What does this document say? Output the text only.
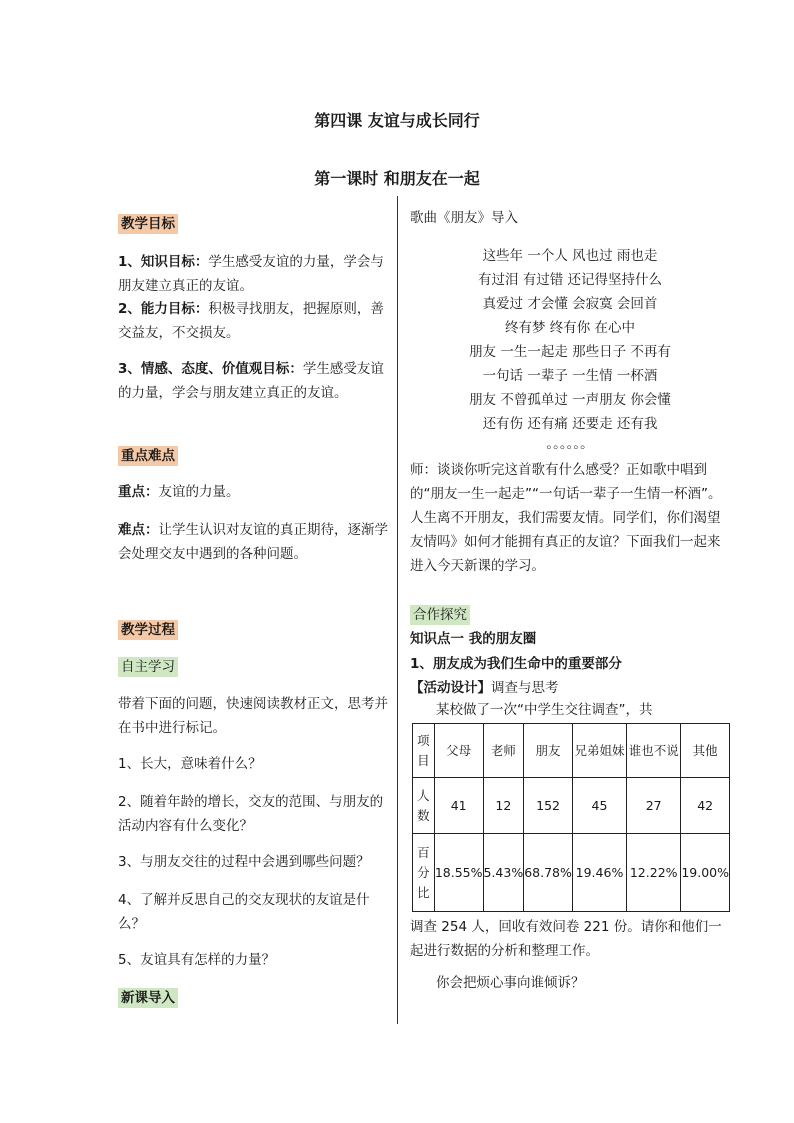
第四课 友谊与成长同行
第一课时 和朋友在一起
教学目标

1、知识目标：学生感受友谊的力量，学会与朋友建立真正的友谊。

2、能力目标：积极寻找朋友，把握原则，善交益友，不交损友。

3、情感、态度、价值观目标：学生感受友谊的力量，学会与朋友建立真正的友谊。

重点难点

重点：友谊的力量。

难点：让学生认识对友谊的真正期待，逐渐学会处理交友中遇到的各种问题。

教学过程
自主学习
带着下面的问题，快速阅读教材正文，思考并在书中进行标记。
1、长大，意味着什么？
2、随着年龄的增长，交友的范围、与朋友的活动内容有什么变化？
3、与朋友交往的过程中会遇到哪些问题？
4、了解并反思自己的交友现状的友谊是什么？
5、友谊具有怎样的力量？
新课导入
歌曲《朋友》导入

这些年 一个人 风也过 雨也走

有过泪 有过错 还记得坚持什么

真爱过 才会懂 会寂寞 会回首

终有梦 终有你 在心中

朋友 一生一起走 那些日子 不再有

一句话 一辈子 一生情 一杯酒

朋友 不曾孤单过 一声朋友 你会懂

还有伤 还有痛 还要走 还有我

。。。。。。

师：谈谈你听完这首歌有什么感受？正如歌中唱到的“朋友一生一起走”“一句话一辈子一生情一杯酒”。人生离不开朋友，我们需要友情。同学们，你们渴望友情吗》如何才能拥有真正的友谊？下面我们一起来进入今天新课的学习。
合作探究
知识点一 我的朋友圈
1、朋友成为我们生命中的重要部分
【活动设计】调查与思考
某校做了一次“中学生交往调查”，共
项目	父母	老师	朋友	兄弟姐妹	谁也不说	其他
人数	41	12	152	45	27	42
百分比	18.55%	5.43%	68.78%	19.46%	12.22%	19.00%
调查 254 人，回收有效问卷 221 份。请你和他们一起进行数据的分析和整理工作。
你会把烦心事向谁倾诉？
